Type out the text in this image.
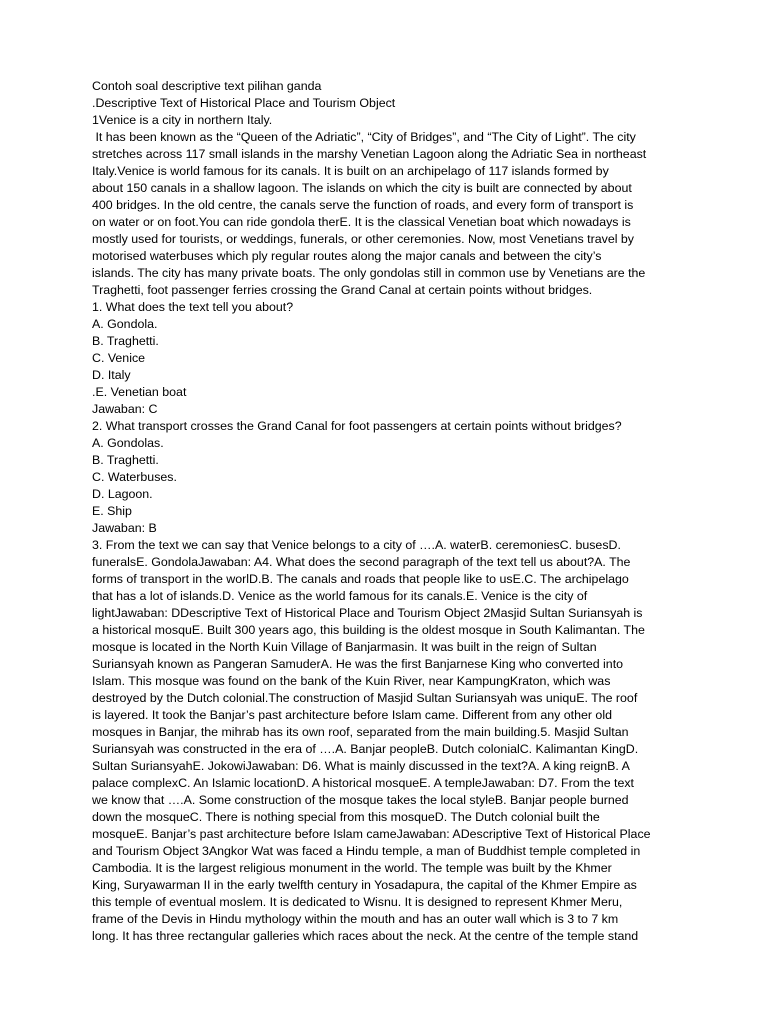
Contoh soal descriptive text pilihan ganda
.Descriptive Text of Historical Place and Tourism Object
1Venice is a city in northern Italy.
It has been known as the “Queen of the Adriatic”, “City of Bridges”, and “The City of Light”. The city
stretches across 117 small islands in the marshy Venetian Lagoon along the Adriatic Sea in northeast
Italy.Venice is world famous for its canals. It is built on an archipelago of 117 islands formed by
about 150 canals in a shallow lagoon. The islands on which the city is built are connected by about
400 bridges. In the old centre, the canals serve the function of roads, and every form of transport is
on water or on foot.You can ride gondola therE. It is the classical Venetian boat which nowadays is
mostly used for tourists, or weddings, funerals, or other ceremonies. Now, most Venetians travel by
motorised waterbuses which ply regular routes along the major canals and between the city’s
islands. The city has many private boats. The only gondolas still in common use by Venetians are the
Traghetti, foot passenger ferries crossing the Grand Canal at certain points without bridges.
1. What does the text tell you about?
A. Gondola.
B. Traghetti.
C. Venice
D. Italy
.E. Venetian boat
Jawaban: C
2. What transport crosses the Grand Canal for foot passengers at certain points without bridges?
A. Gondolas.
B. Traghetti.
C. Waterbuses.
D. Lagoon.
E. Ship
Jawaban: B
3. From the text we can say that Venice belongs to a city of ….A. waterB. ceremoniesC. busesD.
funeralsE. GondolaJawaban: A4. What does the second paragraph of the text tell us about?A. The
forms of transport in the worlD.B. The canals and roads that people like to usE.C. The archipelago
that has a lot of islands.D. Venice as the world famous for its canals.E. Venice is the city of
lightJawaban: DDescriptive Text of Historical Place and Tourism Object 2Masjid Sultan Suriansyah is
a historical mosquE. Built 300 years ago, this building is the oldest mosque in South Kalimantan. The
mosque is located in the North Kuin Village of Banjarmasin. It was built in the reign of Sultan
Suriansyah known as Pangeran SamuderA. He was the first Banjarnese King who converted into
Islam. This mosque was found on the bank of the Kuin River, near KampungKraton, which was
destroyed by the Dutch colonial.The construction of Masjid Sultan Suriansyah was uniquE. The roof
is layered. It took the Banjar’s past architecture before Islam came. Different from any other old
mosques in Banjar, the mihrab has its own roof, separated from the main building.5. Masjid Sultan
Suriansyah was constructed in the era of ….A. Banjar peopleB. Dutch colonialC. Kalimantan KingD.
Sultan SuriansyahE. JokowiJawaban: D6. What is mainly discussed in the text?A. A king reignB. A
palace complexC. An Islamic locationD. A historical mosqueE. A templeJawaban: D7. From the text
we know that ….A. Some construction of the mosque takes the local styleB. Banjar people burned
down the mosqueC. There is nothing special from this mosqueD. The Dutch colonial built the
mosqueE. Banjar’s past architecture before Islam cameJawaban: ADescriptive Text of Historical Place
and Tourism Object 3Angkor Wat was faced a Hindu temple, a man of Buddhist temple completed in
Cambodia. It is the largest religious monument in the world. The temple was built by the Khmer
King, Suryawarman II in the early twelfth century in Yosadapura, the capital of the Khmer Empire as
this temple of eventual moslem. It is dedicated to Wisnu. It is designed to represent Khmer Meru,
frame of the Devis in Hindu mythology within the mouth and has an outer wall which is 3 to 7 km
long. It has three rectangular galleries which races about the neck. At the centre of the temple stand
